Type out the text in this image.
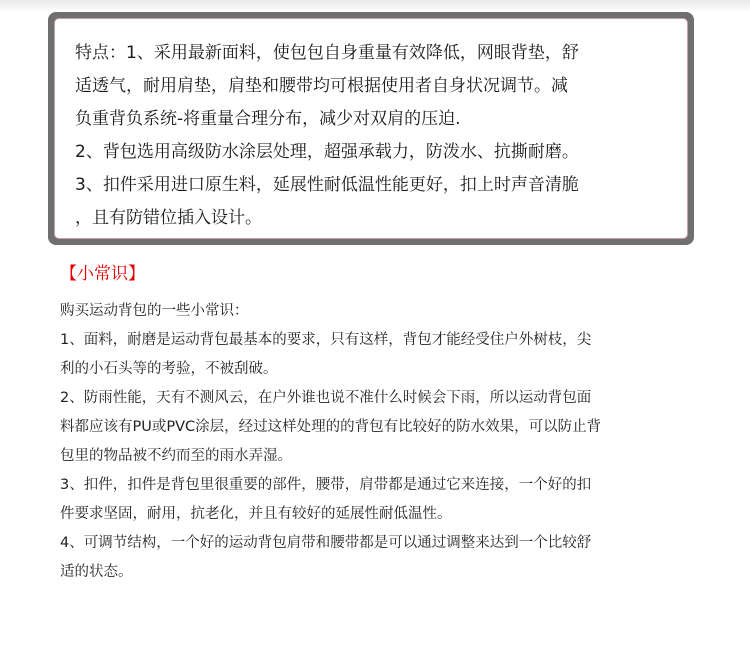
特点：1、采用最新面料，使包包自身重量有效降低，网眼背垫，舒
适透气，耐用肩垫，肩垫和腰带均可根据使用者自身状况调节。减
负重背负系统-将重量合理分布，减少对双肩的压迫.
2、背包选用高级防水涂层处理，超强承载力，防泼水、抗撕耐磨。
3、扣件采用进口原生料，延展性耐低温性能更好，扣上时声音清脆
，且有防错位插入设计。
【小常识】
购买运动背包的一些小常识：
1、面料，耐磨是运动背包最基本的要求，只有这样，背包才能经受住户外树枝，尖
利的小石头等的考验，不被刮破。
2、防雨性能，天有不测风云，在户外谁也说不准什么时候会下雨，所以运动背包面
料都应该有PU或PVC涂层，经过这样处理的的背包有比较好的防水效果，可以防止背
包里的物品被不约而至的雨水弄湿。
3、扣件，扣件是背包里很重要的部件，腰带，肩带都是通过它来连接，一个好的扣
件要求坚固，耐用，抗老化，并且有较好的延展性耐低温性。
4、可调节结构，一个好的运动背包肩带和腰带都是可以通过调整来达到一个比较舒
适的状态。
